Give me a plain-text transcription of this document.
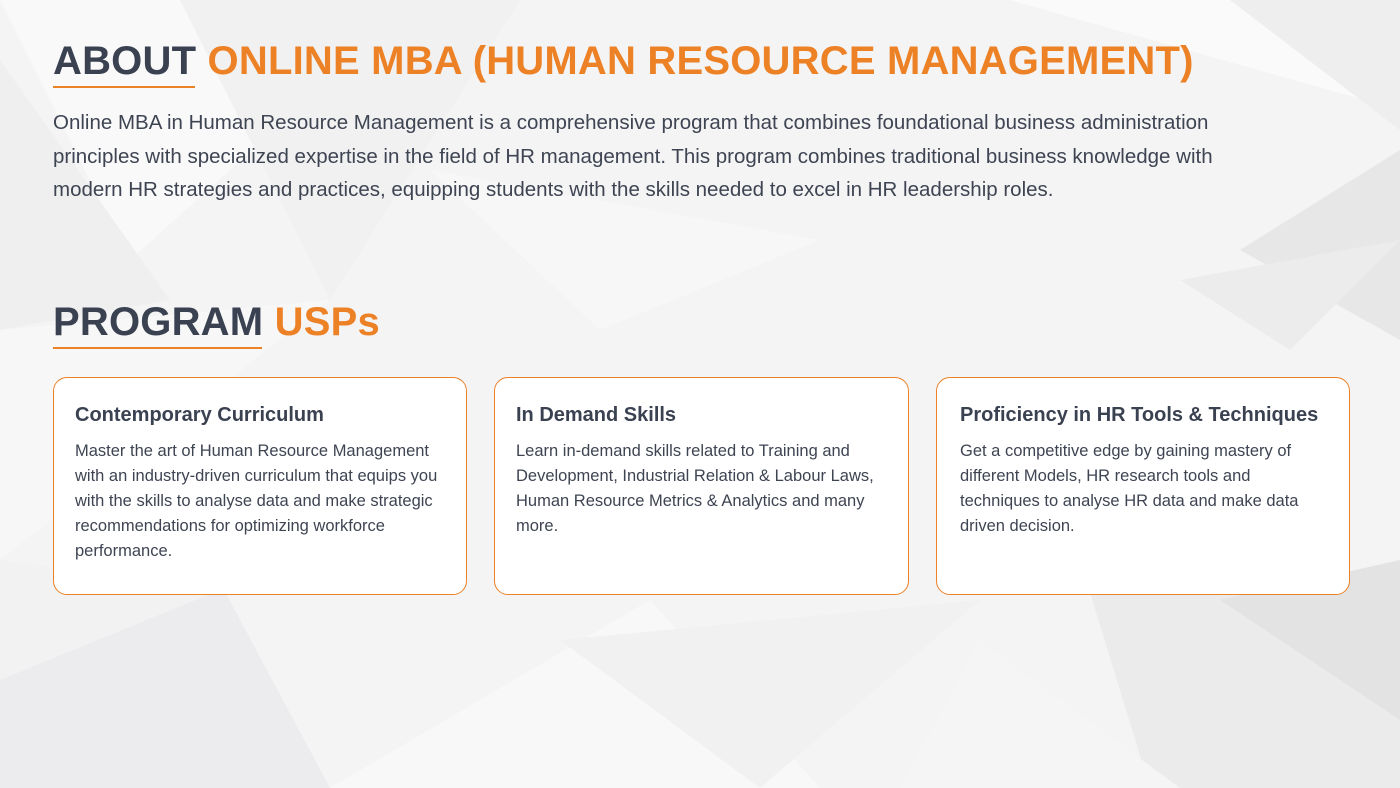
ABOUT ONLINE MBA (HUMAN RESOURCE MANAGEMENT)

Online MBA in Human Resource Management is a comprehensive program that combines foundational business administration principles with specialized expertise in the field of HR management. This program combines traditional business knowledge with modern HR strategies and practices, equipping students with the skills needed to excel in HR leadership roles.

PROGRAM USPs
Contemporary Curriculum

Master the art of Human Resource Management with an industry-driven curriculum that equips you with the skills to analyse data and make strategic recommendations for optimizing workforce performance.

In Demand Skills

Learn in-demand skills related to Training and Development, Industrial Relation & Labour Laws, Human Resource Metrics & Analytics and many more.

Proficiency in HR Tools & Techniques

Get a competitive edge by gaining mastery of different Models, HR research tools and techniques to analyse HR data and make data driven decision.
